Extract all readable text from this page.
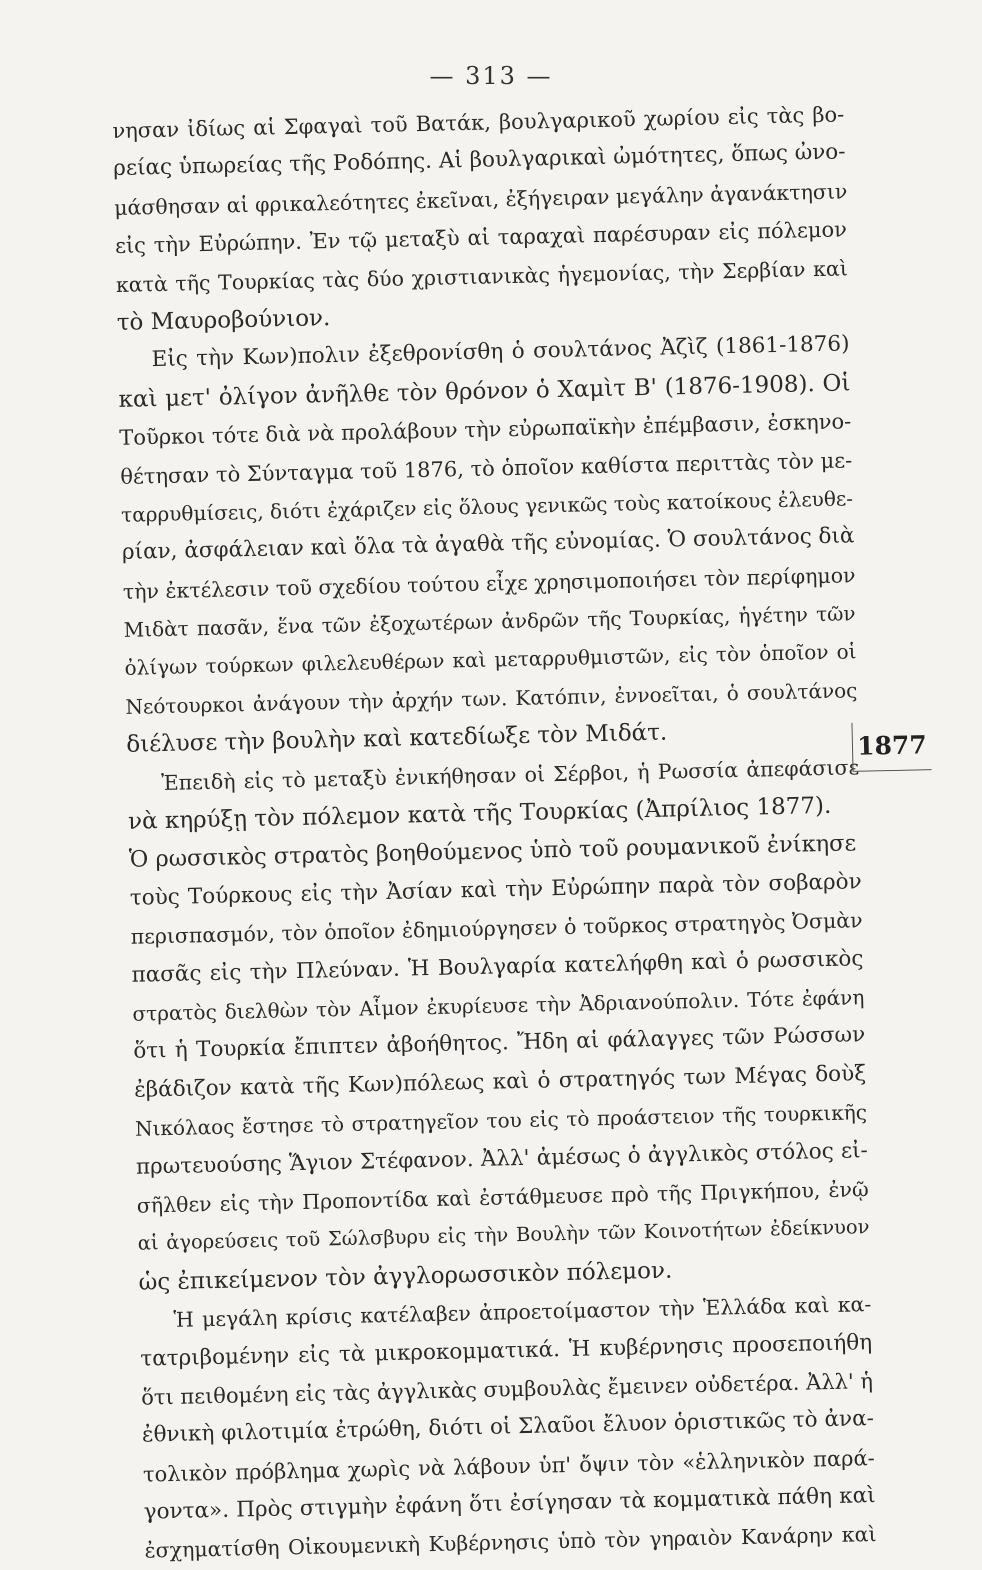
— 313 —
νησαν ἰδίως αἱ Σφαγαὶ τοῦ Βατάκ, βουλγαρικοῦ χωρίου εἰς τὰς βο-
ρείας ὑπωρείας τῆς Ροδόπης. Αἱ βουλγαρικαὶ ὠμότητες, ὅπως ὠνο-
μάσθησαν αἱ φρικαλεότητες ἐκεῖναι, ἐξήγειραν μεγάλην ἀγανάκτησιν
εἰς τὴν Εὐρώπην. Ἐν τῷ μεταξὺ αἱ ταραχαὶ παρέσυραν εἰς πόλεμον
κατὰ τῆς Τουρκίας τὰς δύο χριστιανικὰς ἡγεμονίας, τὴν Σερβίαν καὶ
τὸ Μαυροβούνιον.
Εἰς τὴν Κων)πολιν ἐξεθρονίσθη ὁ σουλτάνος Ἀζὶζ (1861-1876)
καὶ μετ' ὀλίγον ἀνῆλθε τὸν θρόνον ὁ Χαμὶτ Β' (1876-1908). Οἱ
Τοῦρκοι τότε διὰ νὰ προλάβουν τὴν εὐρωπαϊκὴν ἐπέμβασιν, ἐσκηνο-
θέτησαν τὸ Σύνταγμα τοῦ 1876, τὸ ὁποῖον καθίστα περιττὰς τὸν με-
ταρρυθμίσεις, διότι ἐχάριζεν εἰς ὅλους γενικῶς τοὺς κατοίκους ἐλευθε-
ρίαν, ἀσφάλειαν καὶ ὅλα τὰ ἀγαθὰ τῆς εὐνομίας. Ὁ σουλτάνος διὰ
τὴν ἐκτέλεσιν τοῦ σχεδίου τούτου εἶχε χρησιμοποιήσει τὸν περίφημον
Μιδὰτ πασᾶν, ἕνα τῶν ἐξοχωτέρων ἀνδρῶν τῆς Τουρκίας, ἡγέτην τῶν
ὀλίγων τούρκων φιλελευθέρων καὶ μεταρρυθμιστῶν, εἰς τὸν ὁποῖον οἱ
Νεότουρκοι ἀνάγουν τὴν ἀρχήν των. Κατόπιν, ἐννοεῖται, ὁ σουλτάνος
διέλυσε τὴν βουλὴν καὶ κατεδίωξε τὸν Μιδάτ.
Ἐπειδὴ εἰς τὸ μεταξὺ ἐνικήθησαν οἱ Σέρβοι, ἡ Ρωσσία ἀπεφάσισε
νὰ κηρύξῃ τὸν πόλεμον κατὰ τῆς Τουρκίας (Ἀπρίλιος 1877).
Ὁ ρωσσικὸς στρατὸς βοηθούμενος ὑπὸ τοῦ ρουμανικοῦ ἐνίκησε
τοὺς Τούρκους εἰς τὴν Ἀσίαν καὶ τὴν Εὐρώπην παρὰ τὸν σοβαρὸν
περισπασμόν, τὸν ὁποῖον ἐδημιούργησεν ὁ τοῦρκος στρατηγὸς Ὀσμὰν
πασᾶς εἰς τὴν Πλεύναν. Ἡ Βουλγαρία κατελήφθη καὶ ὁ ρωσσικὸς
στρατὸς διελθὼν τὸν Αἷμον ἐκυρίευσε τὴν Ἀδριανούπολιν. Τότε ἐφάνη
ὅτι ἡ Τουρκία ἔπιπτεν ἀβοήθητος. Ἤδη αἱ φάλαγγες τῶν Ρώσσων
ἐβάδιζον κατὰ τῆς Κων)πόλεως καὶ ὁ στρατηγός των Μέγας δοὺξ
Νικόλαος ἔστησε τὸ στρατηγεῖον του εἰς τὸ προάστειον τῆς τουρκικῆς
πρωτευούσης Ἅγιον Στέφανον. Ἀλλ' ἀμέσως ὁ ἀγγλικὸς στόλος εἰ-
σῆλθεν εἰς τὴν Προποντίδα καὶ ἐστάθμευσε πρὸ τῆς Πριγκήπου, ἐνῷ
αἱ ἀγορεύσεις τοῦ Σώλσβυρυ εἰς τὴν Βουλὴν τῶν Κοινοτήτων ἐδείκνυον
ὡς ἐπικείμενον τὸν ἀγγλορωσσικὸν πόλεμον.
Ἡ μεγάλη κρίσις κατέλαβεν ἀπροετοίμαστον τὴν Ἑλλάδα καὶ κα-
τατριβομένην εἰς τὰ μικροκομματικά. Ἡ κυβέρνησις προσεποιήθη
ὅτι πειθομένη εἰς τὰς ἀγγλικὰς συμβουλὰς ἔμεινεν οὐδετέρα. Ἀλλ' ἡ
ἐθνικὴ φιλοτιμία ἐτρώθη, διότι οἱ Σλαῦοι ἔλυον ὁριστικῶς τὸ ἀνα-
τολικὸν πρόβλημα χωρὶς νὰ λάβουν ὑπ' ὄψιν τὸν «ἑλληνικὸν παρά-
γοντα». Πρὸς στιγμὴν ἐφάνη ὅτι ἐσίγησαν τὰ κομματικὰ πάθη καὶ
ἐσχηματίσθη Οἰκουμενικὴ Κυβέρνησις ὑπὸ τὸν γηραιὸν Κανάρην καὶ
1877
